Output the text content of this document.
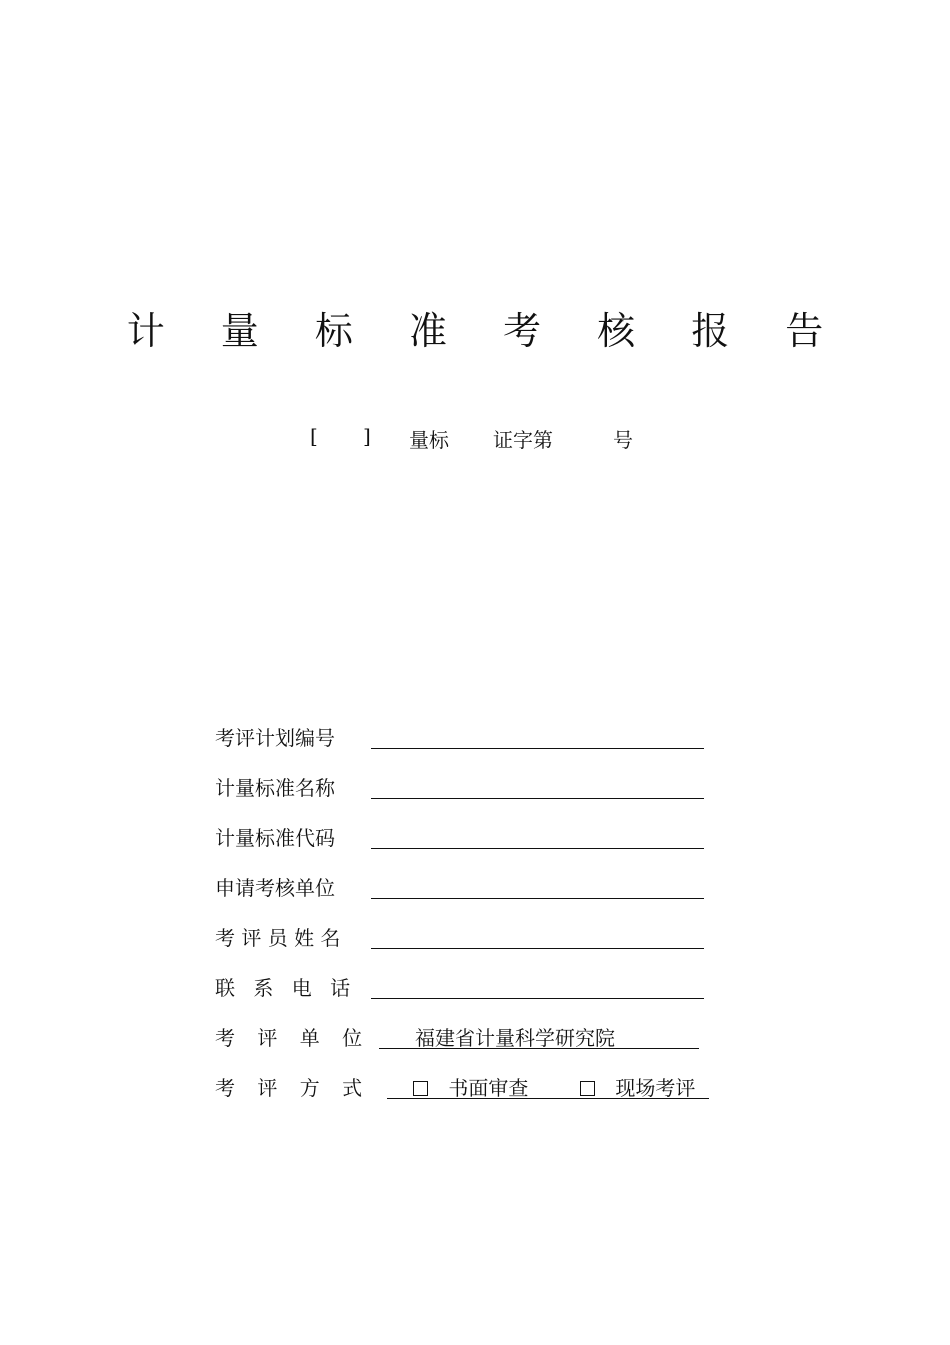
计 量 标 准 考 核 报 告
[ ] 量标 证字第	号
考评计划编号
计量标准名称
计量标准代码
申请考核单位
考 评 员 姓 名
联 系 电 话
考 评 单 位 福建省计量科学研究院
考 评 方 式	书面审查	现场考评
